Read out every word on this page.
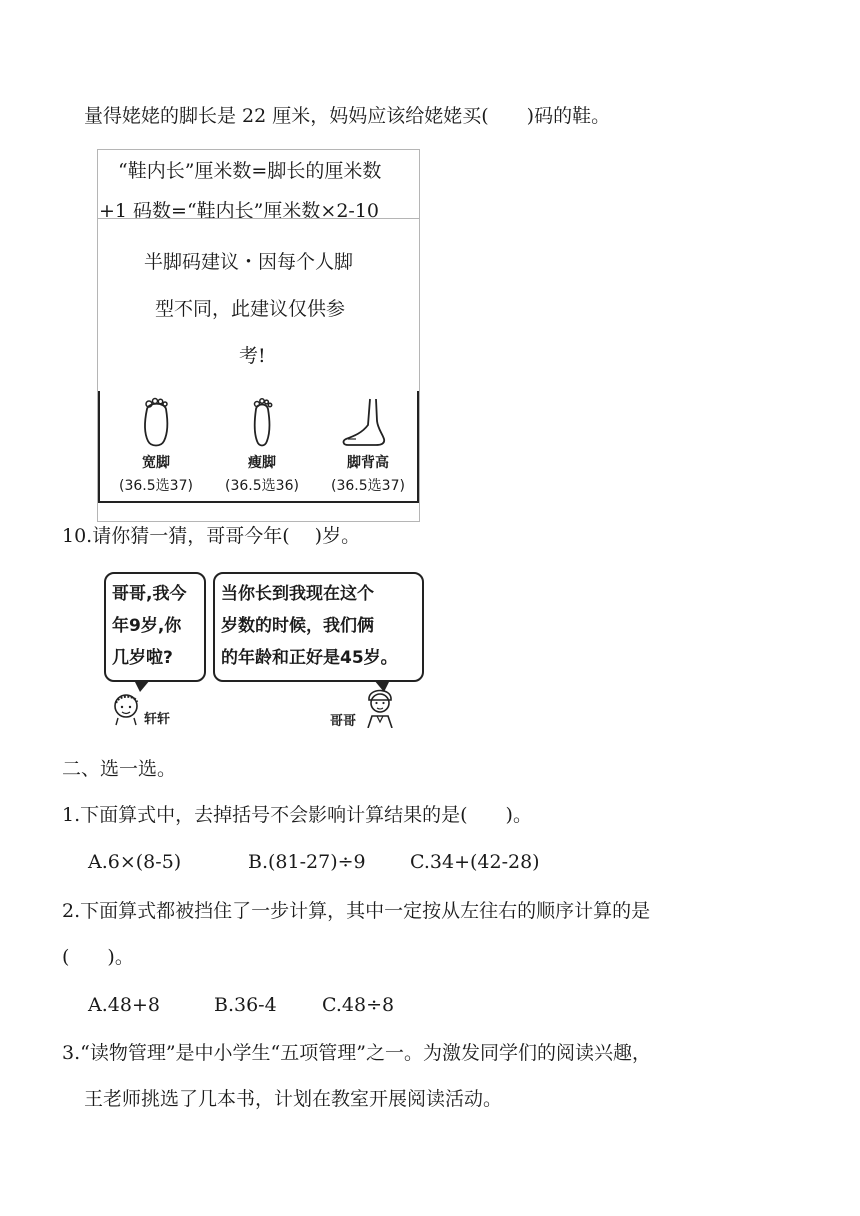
量得姥姥的脚长是 22 厘米，妈妈应该给姥姥买(　　)码的鞋。
“鞋内长”厘米数=脚长的厘米数
+1 码数=“鞋内长”厘米数×2-10
半脚码建议・因每个人脚
型不同，此建议仅供参
考!
宽脚
(36.5选37)
瘦脚
(36.5选36)
脚背高
(36.5选37)
10.请你猜一猜，哥哥今年(　 )岁。
哥哥,我今
年9岁,你
几岁啦?
当你长到我现在这个
岁数的时候，我们俩
的年龄和正好是45岁。
轩轩	哥哥
二、选一选。
1.下面算式中，去掉括号不会影响计算结果的是(　　)。
A.6×(8-5)	B.(81-27)÷9 C.34+(42-28)
2.下面算式都被挡住了一步计算，其中一定按从左往右的顺序计算的是
(　　)。
A.48+8	B.36-4 C.48÷8
3.“读物管理”是中小学生“五项管理”之一。为激发同学们的阅读兴趣，
王老师挑选了几本书，计划在教室开展阅读活动。
